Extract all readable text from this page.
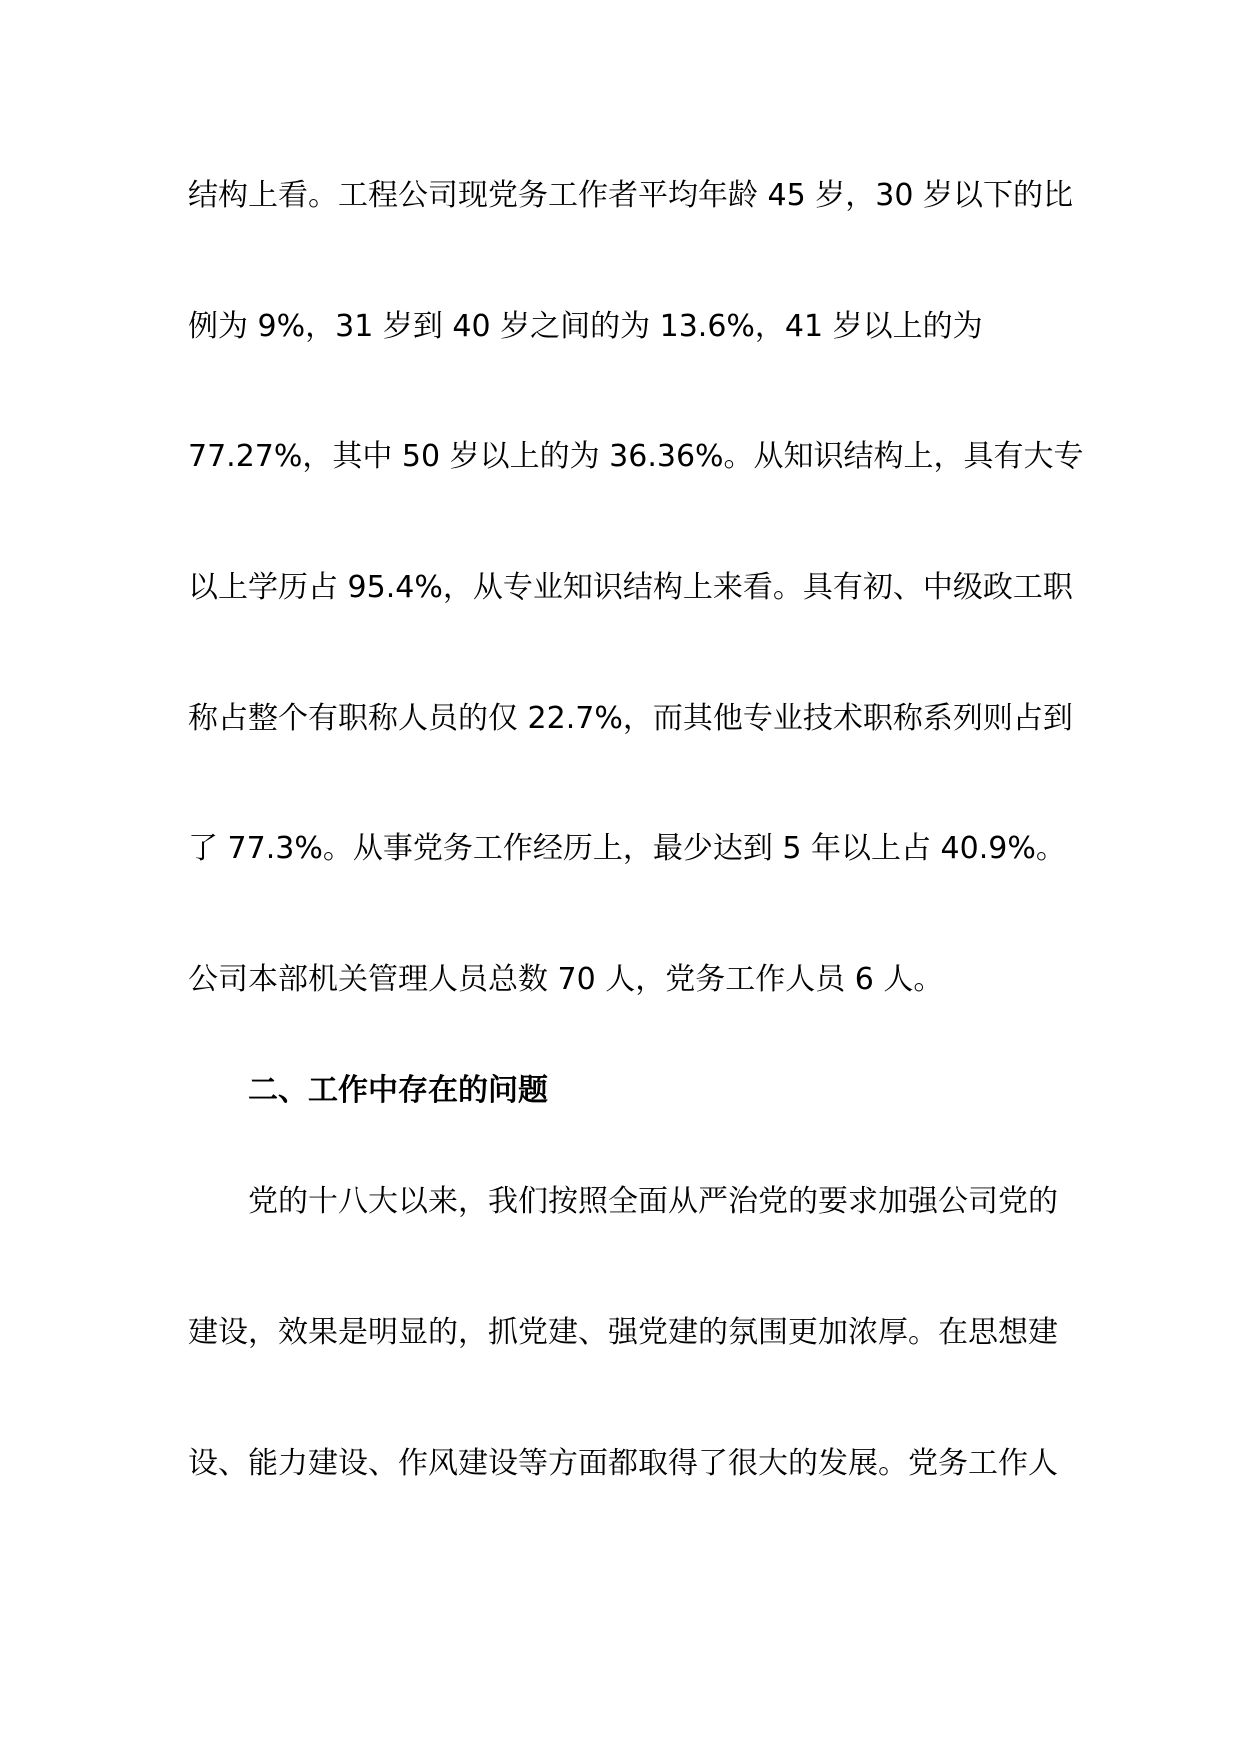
结构上看。工程公司现党务工作者平均年龄 45 岁，30 岁以下的比
例为 9%，31 岁到 40 岁之间的为 13.6%，41 岁以上的为
77.27%，其中 50 岁以上的为 36.36%。从知识结构上，具有大专
以上学历占 95.4%，从专业知识结构上来看。具有初、中级政工职
称占整个有职称人员的仅 22.7%，而其他专业技术职称系列则占到
了 77.3%。从事党务工作经历上，最少达到 5 年以上占 40.9%。
公司本部机关管理人员总数 70 人，党务工作人员 6 人。
二、工作中存在的问题
党的十八大以来，我们按照全面从严治党的要求加强公司党的
建设，效果是明显的，抓党建、强党建的氛围更加浓厚。在思想建
设、能力建设、作风建设等方面都取得了很大的发展。党务工作人
